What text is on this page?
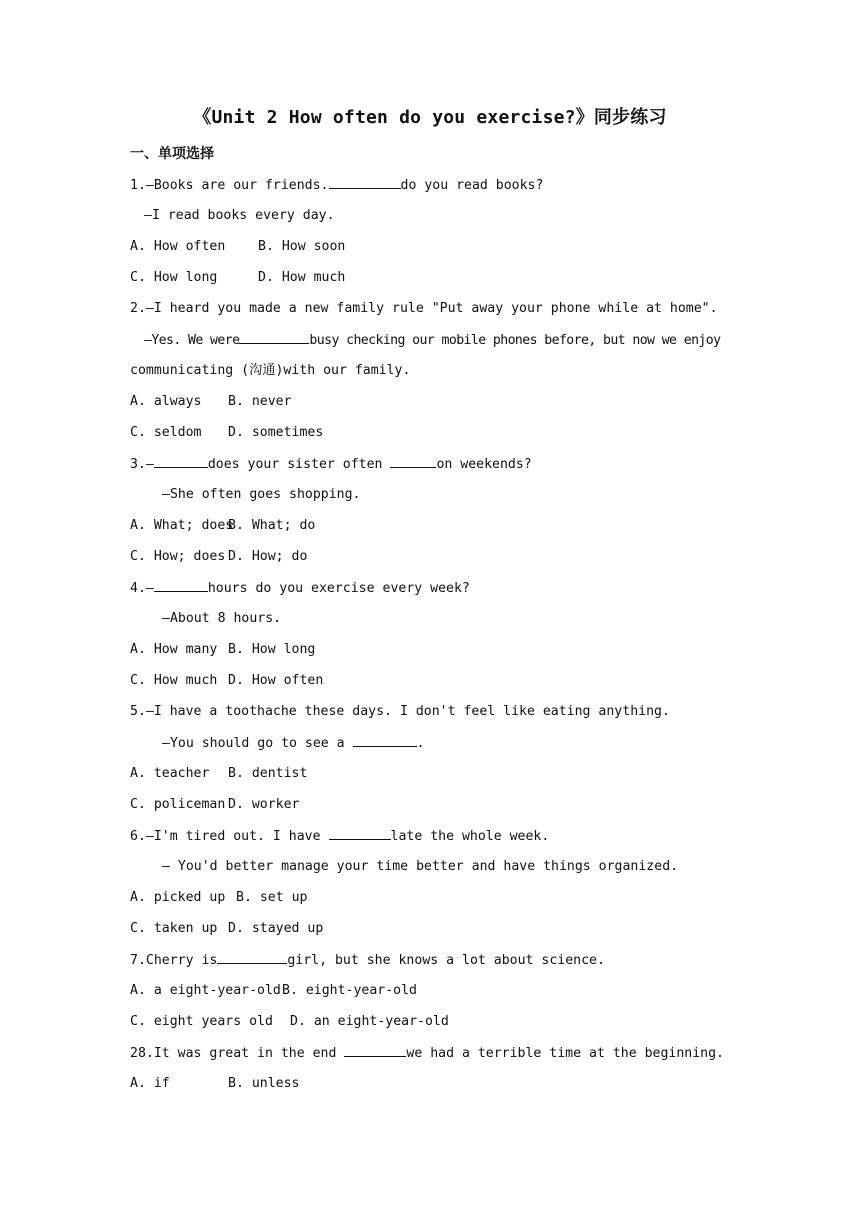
《Unit 2 How often do you exercise?》同步练习
一、单项选择
1.—Books are our friends.	do you read books?
—I read books every day.
A. How often B. How soon
C. How long	D. How much
2.—I heard you made a new family rule "Put away your phone while at home".
—Yes. We were	busy checking our mobile phones before, but now we enjoy
communicating (沟通)with our family.
A. always B. never
C. seldom D. sometimes
3.—	does your sister often	on weekends?
—She often goes shopping.
A. What; doesB. What; do
C. How; does D. How; do
4.—	hours do you exercise every week?
—About 8 hours.
A. How many B. How long
C. How much D. How often
5.—I have a toothache these days. I don't feel like eating anything.
—You should go to see a	.
A. teacher B. dentist
C. policeman D. worker
6.—I'm tired out. I have	late the whole week.
— You'd better manage your time better and have things organized.
A. picked up B. set up
C. taken up D. stayed up
7.Cherry is	girl, but she knows a lot about science.
A. a eight-year-oldB. eight-year-old
C. eight years old D. an eight-year-old
28.It was great in the end	we had a terrible time at the beginning.
A. if	B. unless
